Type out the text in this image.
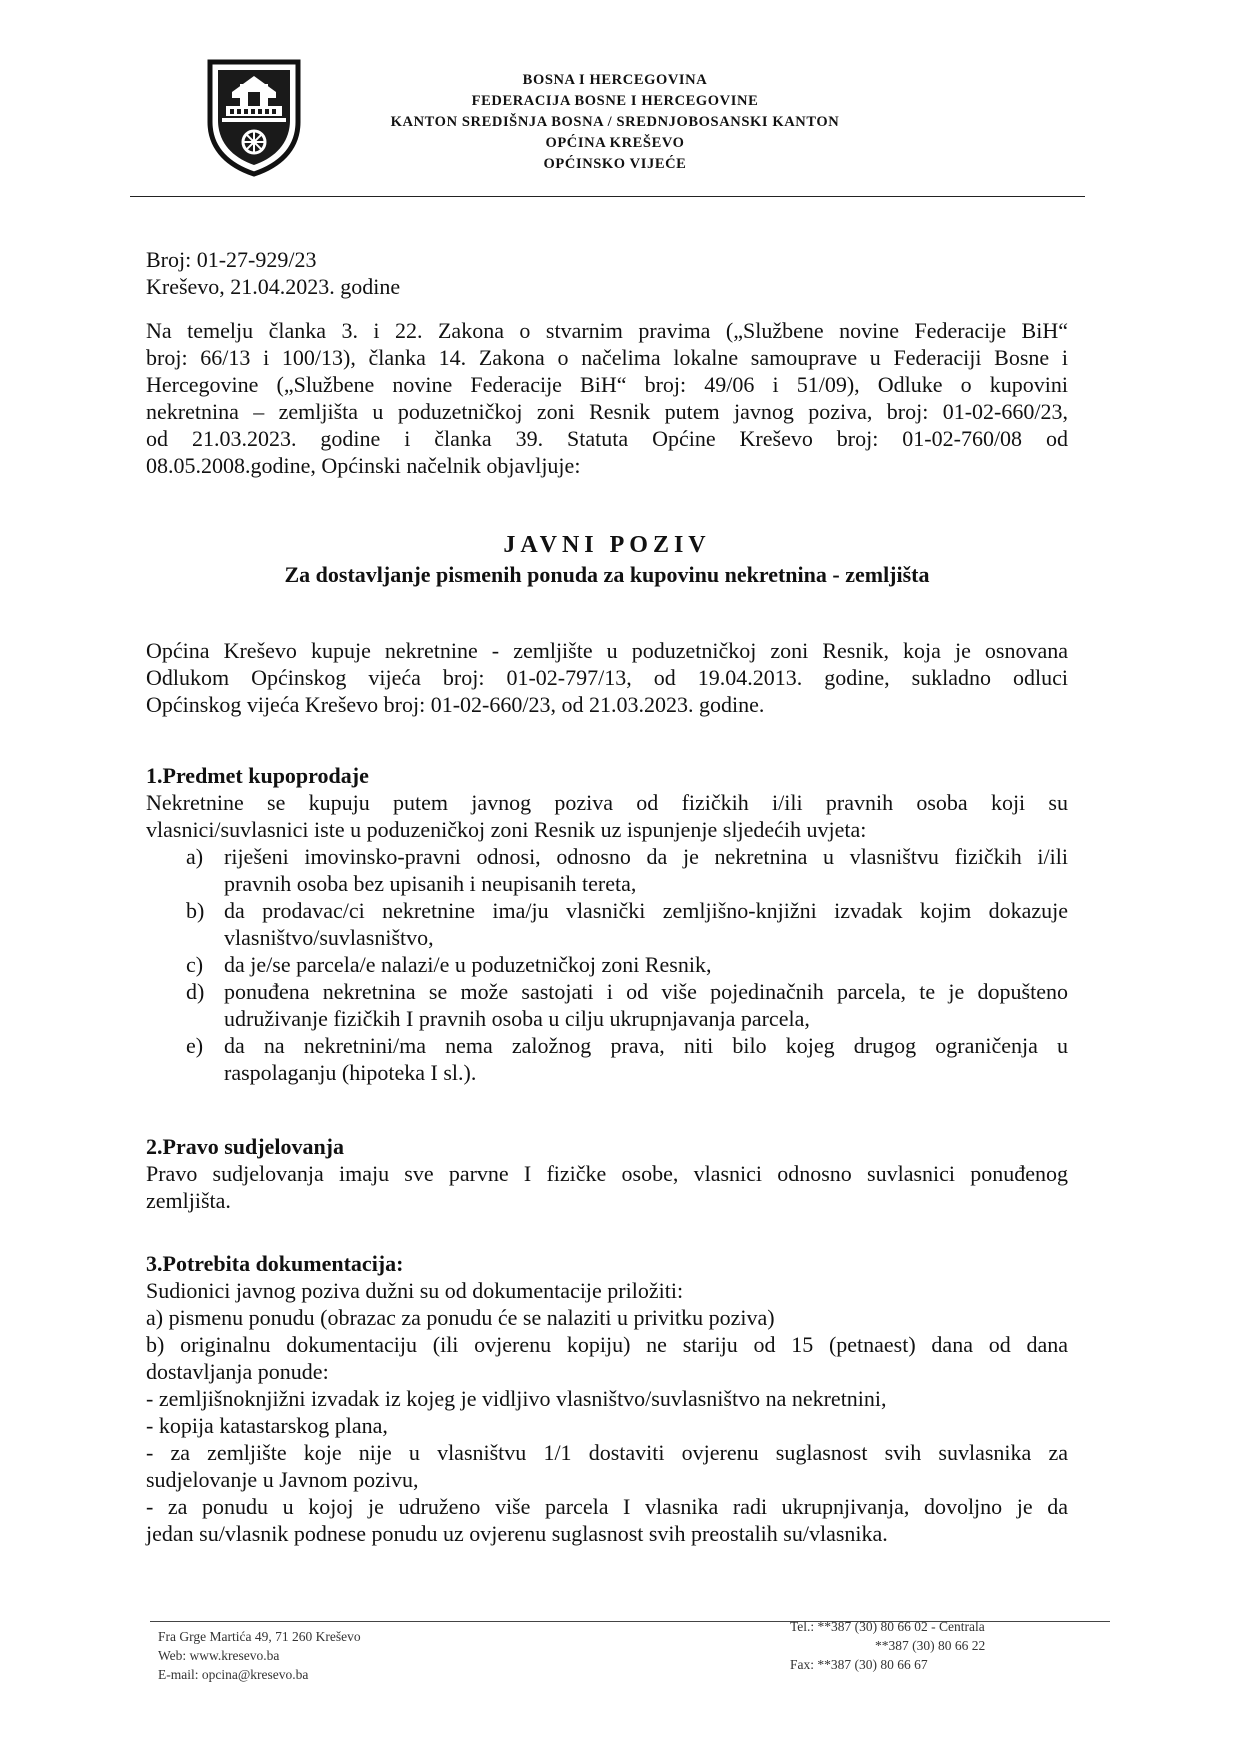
BOSNA I HERCEGOVINA
FEDERACIJA BOSNE I HERCEGOVINE
KANTON SREDIŠNJA BOSNA / SREDNJOBOSANSKI KANTON
OPĆINA KREŠEVO
OPĆINSKO VIJEĆE
Broj: 01-27-929/23
Kreševo, 21.04.2023. godine
Na temelju članka 3. i 22. Zakona o stvarnim pravima („Službene novine Federacije BiH“
broj: 66/13 i 100/13), članka 14. Zakona o načelima lokalne samouprave u Federaciji Bosne i
Hercegovine („Službene novine Federacije BiH“ broj: 49/06 i 51/09), Odluke o kupovini
nekretnina – zemljišta u poduzetničkoj zoni Resnik putem javnog poziva, broj: 01-02-660/23,
od 21.03.2023. godine i članka 39. Statuta Općine Kreševo broj: 01-02-760/08 od
08.05.2008.godine, Općinski načelnik objavljuje:
JAVNI POZIV
Za dostavljanje pismenih ponuda za kupovinu nekretnina - zemljišta
Općina Kreševo kupuje nekretnine - zemljište u poduzetničkoj zoni Resnik, koja je osnovana
Odlukom Općinskog vijeća broj: 01-02-797/13, od 19.04.2013. godine, sukladno odluci
Općinskog vijeća Kreševo broj: 01-02-660/23, od 21.03.2023. godine.
1.Predmet kupoprodaje
Nekretnine se kupuju putem javnog poziva od fizičkih i/ili pravnih osoba koji su
vlasnici/suvlasnici iste u poduzeničkoj zoni Resnik uz ispunjenje sljedećih uvjeta:
a) riješeni imovinsko-pravni odnosi, odnosno da je nekretnina u vlasništvu fizičkih i/ili
pravnih osoba bez upisanih i neupisanih tereta,
b) da prodavac/ci nekretnine ima/ju vlasnički zemljišno-knjižni izvadak kojim dokazuje
vlasništvo/suvlasništvo,
c) da je/se parcela/e nalazi/e u poduzetničkoj zoni Resnik,
d) ponuđena nekretnina se može sastojati i od više pojedinačnih parcela, te je dopušteno
udruživanje fizičkih I pravnih osoba u cilju ukrupnjavanja parcela,
e) da na nekretnini/ma nema založnog prava, niti bilo kojeg drugog ograničenja u
raspolaganju (hipoteka I sl.).
2.Pravo sudjelovanja
Pravo sudjelovanja imaju sve parvne I fizičke osobe, vlasnici odnosno suvlasnici ponuđenog
zemljišta.
3.Potrebita dokumentacija:
Sudionici javnog poziva dužni su od dokumentacije priložiti:
a) pismenu ponudu (obrazac za ponudu će se nalaziti u privitku poziva)
b) originalnu dokumentaciju (ili ovjerenu kopiju) ne stariju od 15 (petnaest) dana od dana
dostavljanja ponude:
- zemljišnoknjižni izvadak iz kojeg je vidljivo vlasništvo/suvlasništvo na nekretnini,
- kopija katastarskog plana,
- za zemljište koje nije u vlasništvu 1/1 dostaviti ovjerenu suglasnost svih suvlasnika za
sudjelovanje u Javnom pozivu,
- za ponudu u kojoj je udruženo više parcela I vlasnika radi ukrupnjivanja, dovoljno je da
jedan su/vlasnik podnese ponudu uz ovjerenu suglasnost svih preostalih su/vlasnika.
Fra Grge Martića 49, 71 260 Kreševo
Web: www.kresevo.ba
E-mail: opcina@kresevo.ba
Tel.: **387 (30) 80 66 02 - Centrala
**387 (30) 80 66 22
Fax: **387 (30) 80 66 67
